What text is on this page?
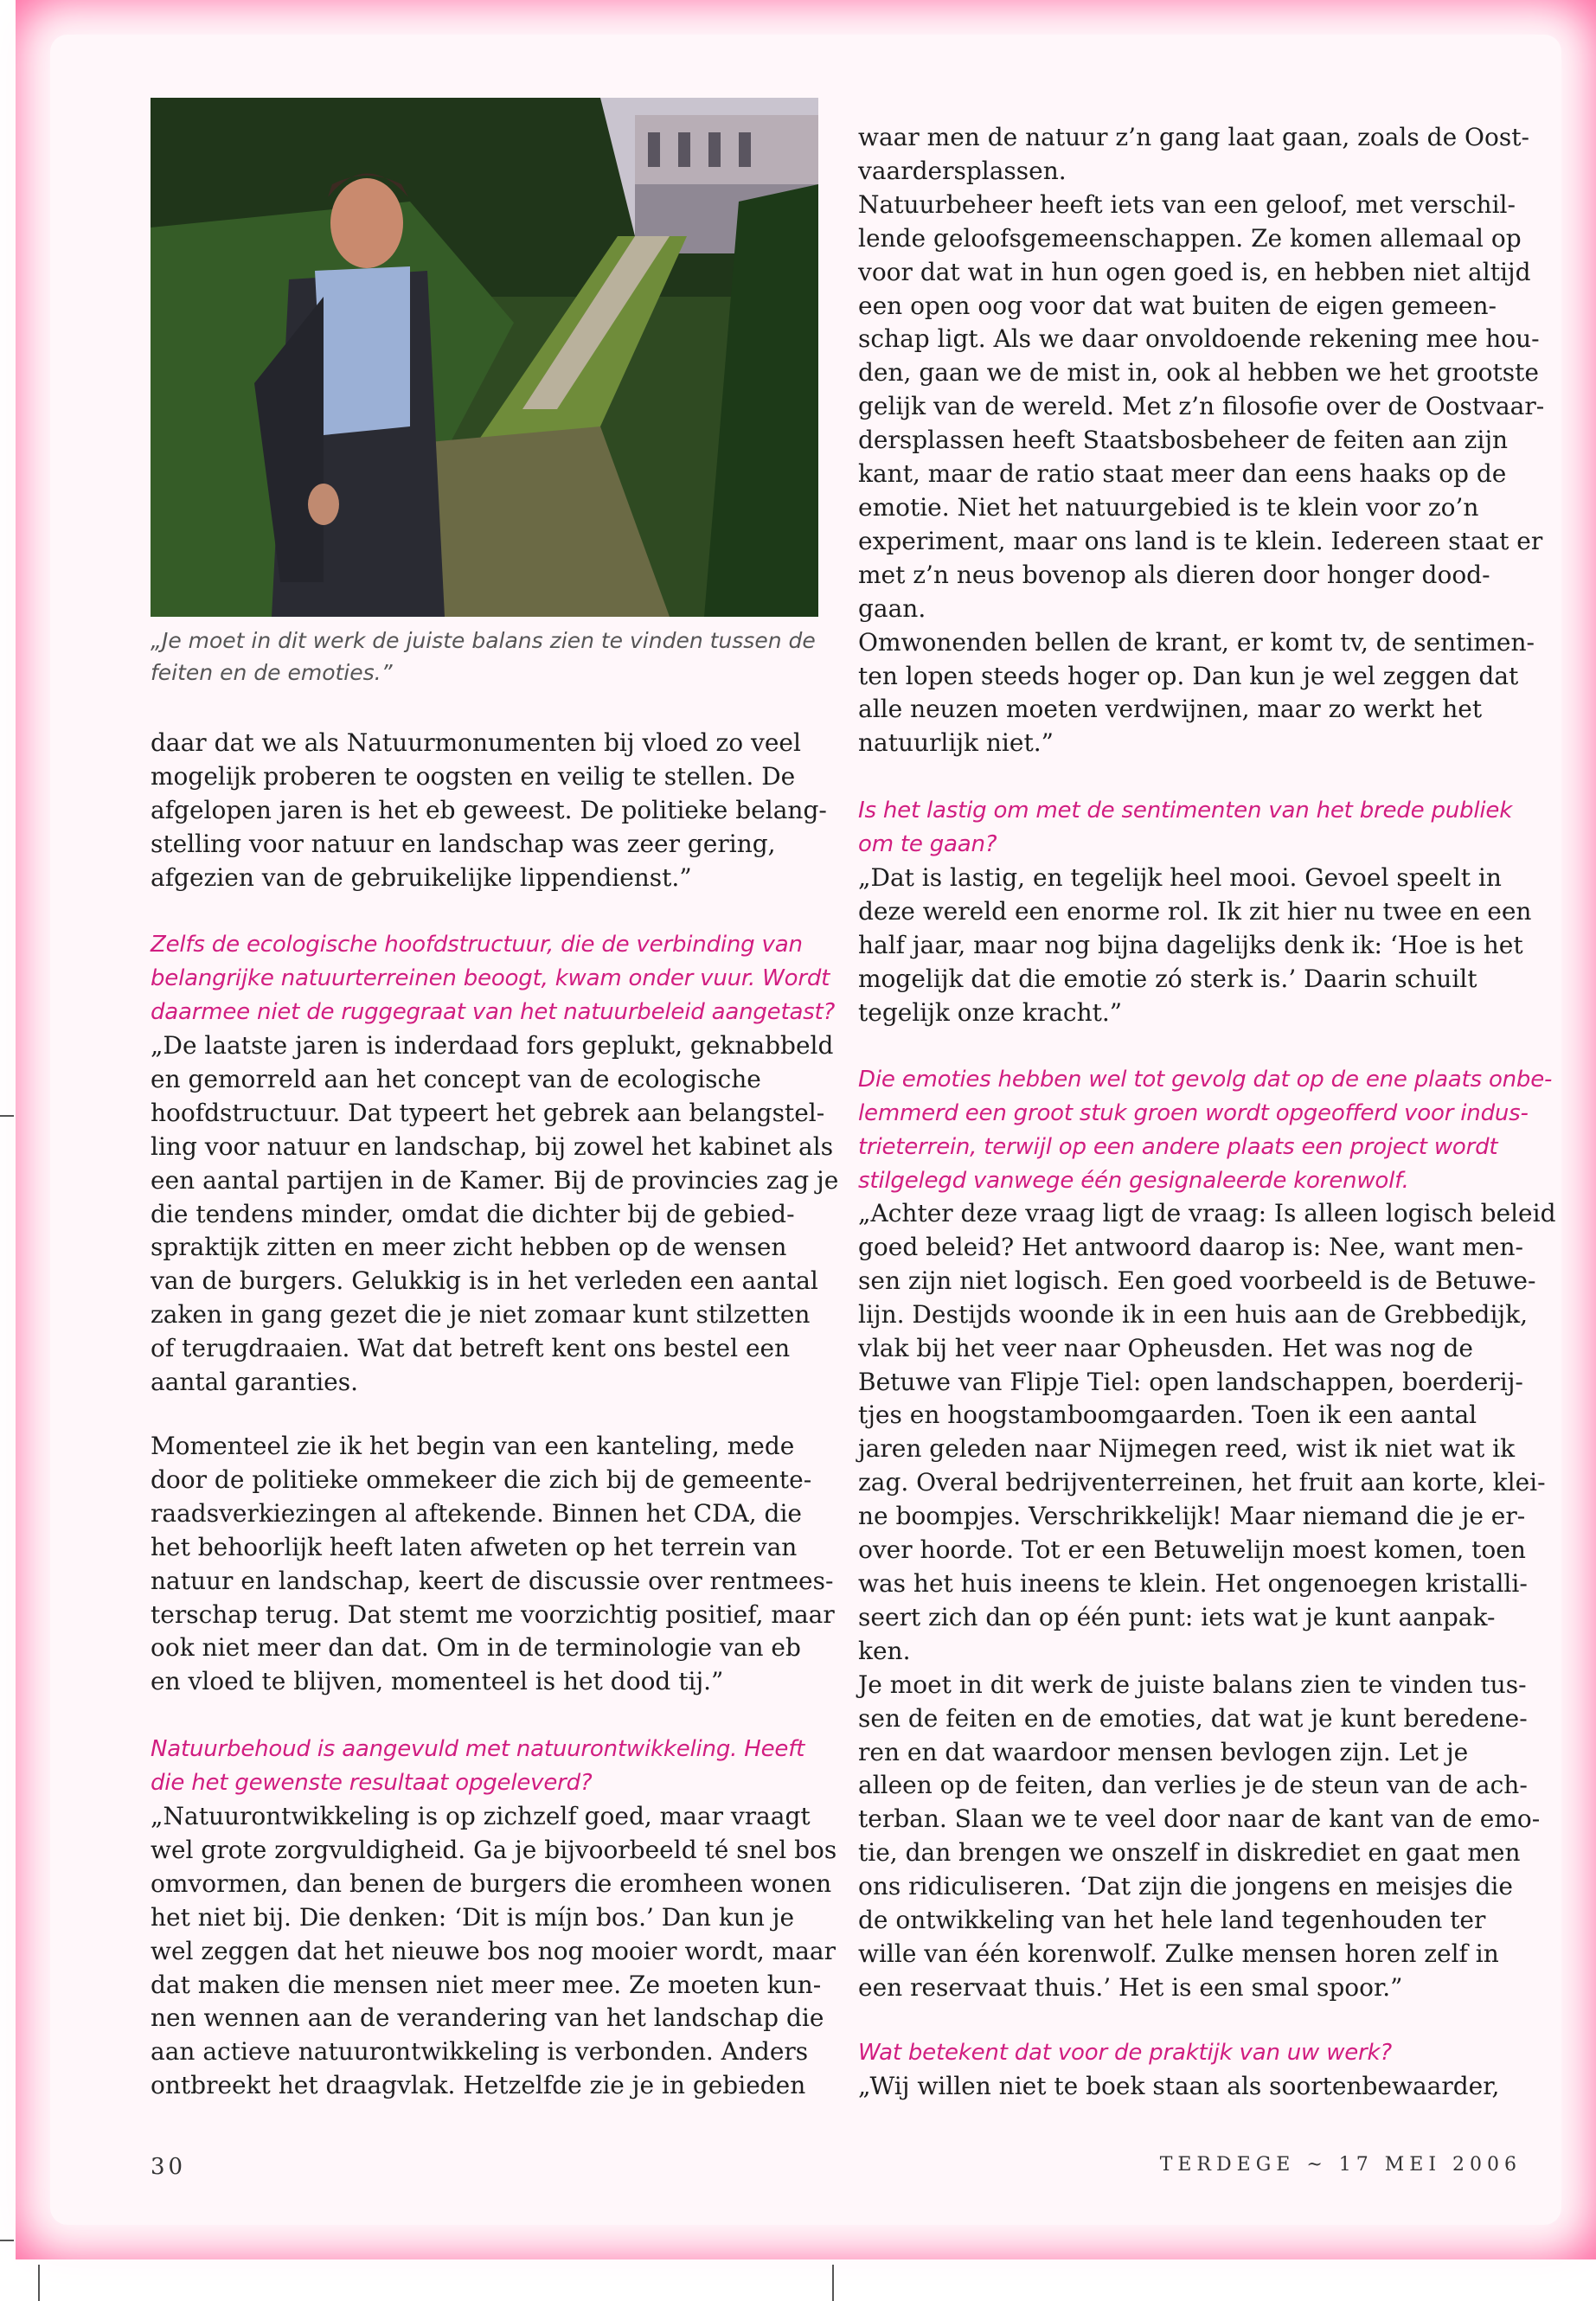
„Je moet in dit werk de juiste balans zien te vinden tussen de
feiten en de emoties.”

daar dat we als Natuurmonumenten bij vloed zo veel
mogelijk proberen te oogsten en veilig te stellen. De
afgelopen jaren is het eb geweest. De politieke belang-
stelling voor natuur en landschap was zeer gering,
afgezien van de gebruikelijke lippendienst.”

Zelfs de ecologische hoofdstructuur, die de verbinding van
belangrijke natuurterreinen beoogt, kwam onder vuur. Wordt
daarmee niet de ruggegraat van het natuurbeleid aangetast?

„De laatste jaren is inderdaad fors geplukt, geknabbeld
en gemorreld aan het concept van de ecologische
hoofdstructuur. Dat typeert het gebrek aan belangstel-
ling voor natuur en landschap, bij zowel het kabinet als
een aantal partijen in de Kamer. Bij de provincies zag je
die tendens minder, omdat die dichter bij de gebied-
spraktijk zitten en meer zicht hebben op de wensen
van de burgers. Gelukkig is in het verleden een aantal
zaken in gang gezet die je niet zomaar kunt stilzetten
of terugdraaien. Wat dat betreft kent ons bestel een
aantal garanties.

Momenteel zie ik het begin van een kanteling, mede
door de politieke ommekeer die zich bij de gemeente-
raadsverkiezingen al aftekende. Binnen het CDA, die
het behoorlijk heeft laten afweten op het terrein van
natuur en landschap, keert de discussie over rentmees-
terschap terug. Dat stemt me voorzichtig positief, maar
ook niet meer dan dat. Om in de terminologie van eb
en vloed te blijven, momenteel is het dood tij.”

Natuurbehoud is aangevuld met natuurontwikkeling. Heeft
die het gewenste resultaat opgeleverd?

„Natuurontwikkeling is op zichzelf goed, maar vraagt
wel grote zorgvuldigheid. Ga je bijvoorbeeld té snel bos
omvormen, dan benen de burgers die eromheen wonen
het niet bij. Die denken: ‘Dit is míjn bos.’ Dan kun je
wel zeggen dat het nieuwe bos nog mooier wordt, maar
dat maken die mensen niet meer mee. Ze moeten kun-
nen wennen aan de verandering van het landschap die
aan actieve natuurontwikkeling is verbonden. Anders
ontbreekt het draagvlak. Hetzelfde zie je in gebieden

waar men de natuur z’n gang laat gaan, zoals de Oost-
vaardersplassen.
Natuurbeheer heeft iets van een geloof, met verschil-
lende geloofsgemeenschappen. Ze komen allemaal op
voor dat wat in hun ogen goed is, en hebben niet altijd
een open oog voor dat wat buiten de eigen gemeen-
schap ligt. Als we daar onvoldoende rekening mee hou-
den, gaan we de mist in, ook al hebben we het grootste
gelijk van de wereld. Met z’n filosofie over de Oostvaar-
dersplassen heeft Staatsbosbeheer de feiten aan zijn
kant, maar de ratio staat meer dan eens haaks op de
emotie. Niet het natuurgebied is te klein voor zo’n
experiment, maar ons land is te klein. Iedereen staat er
met z’n neus bovenop als dieren door honger dood-
gaan.
Omwonenden bellen de krant, er komt tv, de sentimen-
ten lopen steeds hoger op. Dan kun je wel zeggen dat
alle neuzen moeten verdwijnen, maar zo werkt het
natuurlijk niet.”

Is het lastig om met de sentimenten van het brede publiek
om te gaan?

„Dat is lastig, en tegelijk heel mooi. Gevoel speelt in
deze wereld een enorme rol. Ik zit hier nu twee en een
half jaar, maar nog bijna dagelijks denk ik: ‘Hoe is het
mogelijk dat die emotie zó sterk is.’ Daarin schuilt
tegelijk onze kracht.”

Die emoties hebben wel tot gevolg dat op de ene plaats onbe-
lemmerd een groot stuk groen wordt opgeofferd voor indus-
trieterrein, terwijl op een andere plaats een project wordt
stilgelegd vanwege één gesignaleerde korenwolf.

„Achter deze vraag ligt de vraag: Is alleen logisch beleid
goed beleid? Het antwoord daarop is: Nee, want men-
sen zijn niet logisch. Een goed voorbeeld is de Betuwe-
lijn. Destijds woonde ik in een huis aan de Grebbedijk,
vlak bij het veer naar Opheusden. Het was nog de
Betuwe van Flipje Tiel: open landschappen, boerderij-
tjes en hoogstamboomgaarden. Toen ik een aantal
jaren geleden naar Nijmegen reed, wist ik niet wat ik
zag. Overal bedrijventerreinen, het fruit aan korte, klei-
ne boompjes. Verschrikkelijk! Maar niemand die je er-
over hoorde. Tot er een Betuwelijn moest komen, toen
was het huis ineens te klein. Het ongenoegen kristalli-
seert zich dan op één punt: iets wat je kunt aanpak-
ken.
Je moet in dit werk de juiste balans zien te vinden tus-
sen de feiten en de emoties, dat wat je kunt beredene-
ren en dat waardoor mensen bevlogen zijn. Let je
alleen op de feiten, dan verlies je de steun van de ach-
terban. Slaan we te veel door naar de kant van de emo-
tie, dan brengen we onszelf in diskrediet en gaat men
ons ridiculiseren. ‘Dat zijn die jongens en meisjes die
de ontwikkeling van het hele land tegenhouden ter
wille van één korenwolf. Zulke mensen horen zelf in
een reservaat thuis.’ Het is een smal spoor.”

Wat betekent dat voor de praktijk van uw werk?

„Wij willen niet te boek staan als soortenbewaarder,

30	TERDEGE ~ 17 MEI 2006
